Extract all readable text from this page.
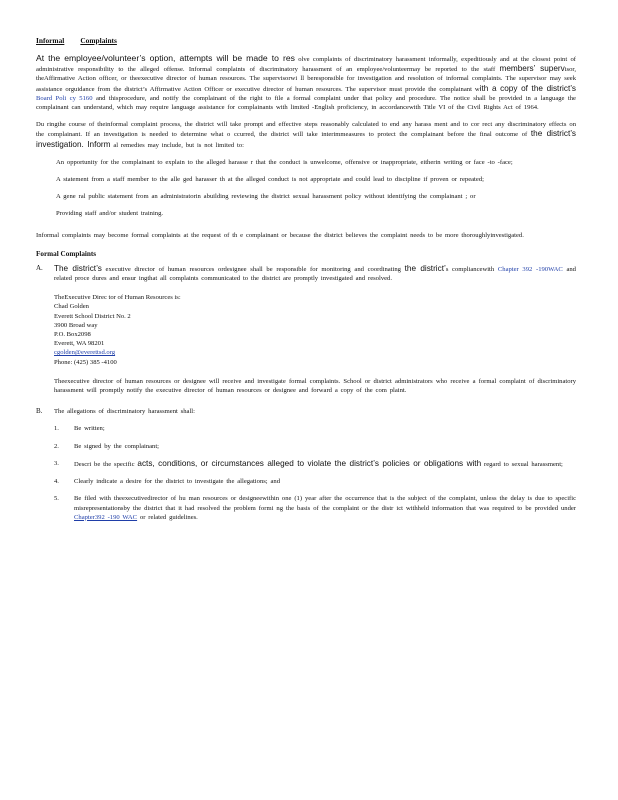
Informal Complaints

At the employee/volunteer’s option, attempts will be made to res olve complaints of discriminatory harassment informally, expeditiously and at the closest point of administrative responsibility to the alleged offense. Informal complaints of discriminatory harassment of an employee/volunteermay be reported to the staff members’ supervisor, theAffirmative Action officer, or theexecutive director of human resources. The supervisorwi ll beresponsible for investigation and resolution of informal complaints. The supervisor may seek assistance orguidance from the district’s Affirmative Action Officer or executive director of human resources. The supervisor must provide the complainant with a copy of the district’s Board Poli cy 5160 and thisprocedure, and notify the complainant of the right to file a formal complaint under that policy and procedure. The notice shall be provided in a language the complainant can understand, which may require language assistance for complainants with limited -English proficiency, in accordancewith Title VI of the Civil Rights Act of 1964.

Du ringthe course of theinformal complaint process, the district will take prompt and effective steps reasonably calculated to end any harass ment and to cor rect any discriminatory effects on the complainant. If an investigation is needed to determine what o ccurred, the district will take interimmeasures to protect the complainant before the final outcome of the district’s investigation. Inform al remedies may include, but is not limited to:

An opportunity for the complainant to explain to the alleged harasse r that the conduct is unwelcome, offensive or inappropriate, eitherin writing or face -to -face;

A statement from a staff member to the alle ged harasser th at the alleged conduct is not appropriate and could lead to discipline if proven or repeated;

A gene ral public statement from an administratorin abuilding reviewing the district sexual harassment policy without identifying the complainant ; or

Providing staff and/or student training.

Informal complaints may become formal complaints at the request of th e complainant or because the district believes the complaint needs to be more thoroughlyinvestigated.

Formal Complaints

A. The district’s executive director of human resources ordesignee shall be responsible for monitoring and coordinating the district’s compliancewith Chapter 392 -190WAC and related proce dures and ensur ingthat all complaints communicated to the district are promptly investigated and resolved.

TheExecutive Direc tor of Human Resources is:
Chad Golden
Everett School District No. 2
3900 Broad way
P.O. Box2098
Everett, WA 98201
cgolden@everettsd.org
Phone: (425) 385 -4100

Theexecutive director of human resources or designee will receive and investigate formal complaints. School or district administrators who receive a formal complaint of discriminatory harassment will promptly notify the executive director of human resources or designee and forward a copy of the com plaint.

B. The allegations of discriminatory harassment shall:

1. Be written;

2. Be signed by the complainant;

3. Descri be the specific acts, conditions, or circumstances alleged to violate the district’s policies or obligations with regard to sexual harassment;

4. Clearly indicate a desire for the district to investigate the allegations; and

5. Be filed with theexecutivedirector of hu man resources or designeewithin one (1) year after the occurrence that is the subject of the complaint, unless the delay is due to specific misrepresentationsby the district that it had resolved the problem formi ng the basis of the complaint or the distr ict withheld information that was required to be provided under Chapter392 -190 WAC or related guidelines.
